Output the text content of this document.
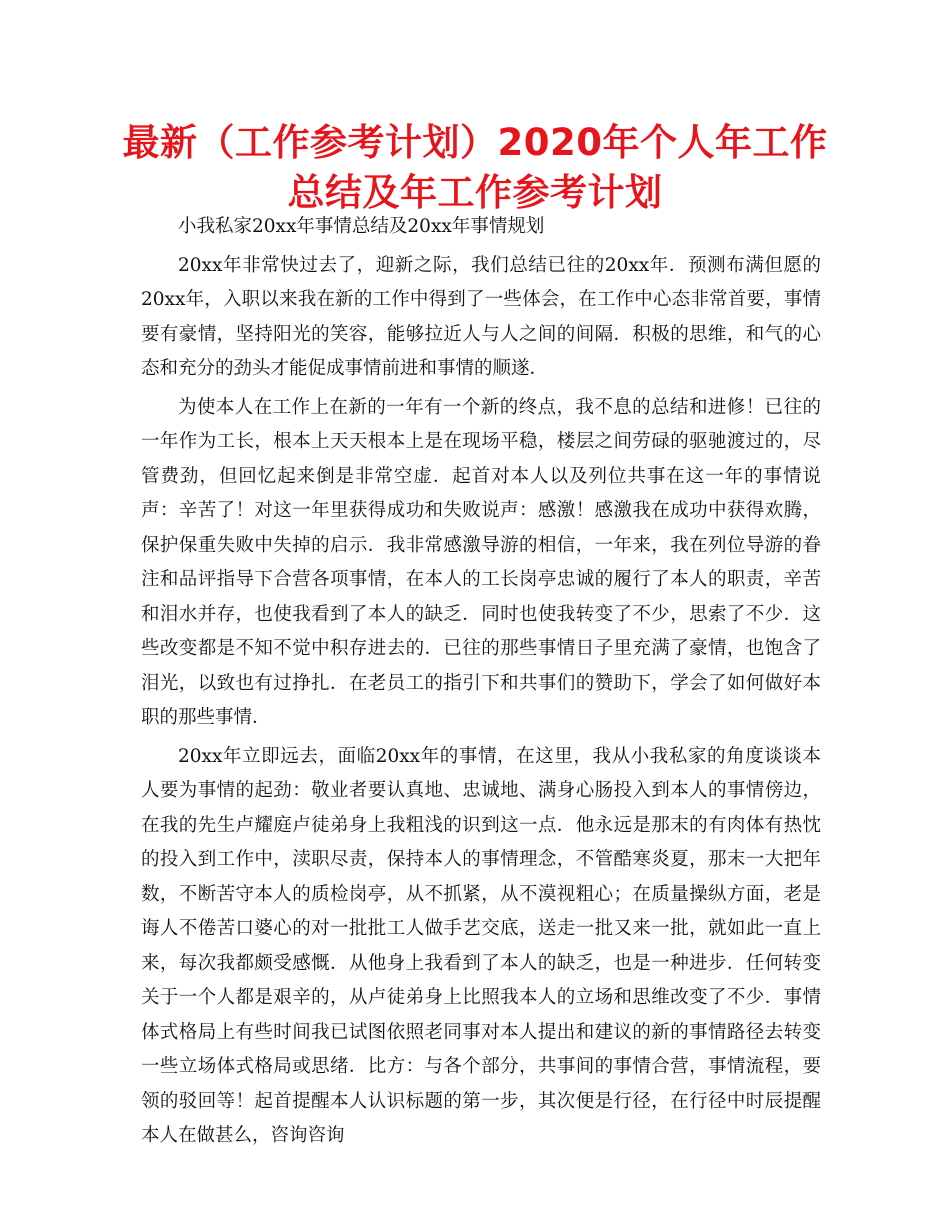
最新（工作参考计划）2020年个人年工作
总结及年工作参考计划

小我私家20xx年事情总结及20xx年事情规划

20xx年非常快过去了，迎新之际，我们总结已往的20xx年．预测布满但愿的20xx年，入职以来我在新的工作中得到了一些体会，在工作中心态非常首要，事情要有豪情，坚持阳光的笑容，能够拉近人与人之间的间隔．积极的思维，和气的心态和充分的劲头才能促成事情前进和事情的顺遂．

为使本人在工作上在新的一年有一个新的终点，我不息的总结和进修！已往的一年作为工长，根本上天天根本上是在现场平稳，楼层之间劳碌的驱驰渡过的，尽管费劲，但回忆起来倒是非常空虚．起首对本人以及列位共事在这一年的事情说声：辛苦了！对这一年里获得成功和失败说声：感激！感激我在成功中获得欢腾，保护保重失败中失掉的启示．我非常感激导游的相信，一年来，我在列位导游的眷注和品评指导下合营各项事情，在本人的工长岗亭忠诚的履行了本人的职责，辛苦和泪水并存，也使我看到了本人的缺乏．同时也使我转变了不少，思索了不少．这些改变都是不知不觉中积存进去的．已往的那些事情日子里充满了豪情，也饱含了泪光，以致也有过挣扎．在老员工的指引下和共事们的赞助下，学会了如何做好本职的那些事情．

20xx年立即远去，面临20xx年的事情，在这里，我从小我私家的角度谈谈本人要为事情的起劲：敬业者要认真地、忠诚地、满身心肠投入到本人的事情傍边，在我的先生卢耀庭卢徒弟身上我粗浅的识到这一点．他永远是那末的有肉体有热忱的投入到工作中，渎职尽责，保持本人的事情理念，不管酷寒炎夏，那末一大把年数，不断苦守本人的质检岗亭，从不抓紧，从不漠视粗心；在质量操纵方面，老是诲人不倦苦口婆心的对一批批工人做手艺交底，送走一批又来一批，就如此一直上来，每次我都颇受感慨．从他身上我看到了本人的缺乏，也是一种进步．任何转变关于一个人都是艰辛的，从卢徒弟身上比照我本人的立场和思维改变了不少．事情体式格局上有些时间我已试图依照老同事对本人提出和建议的新的事情路径去转变一些立场体式格局或思绪．比方：与各个部分，共事间的事情合营，事情流程，要领的驳回等！起首提醒本人认识标题的第一步，其次便是行径，在行径中时辰提醒本人在做甚么，咨询咨询
